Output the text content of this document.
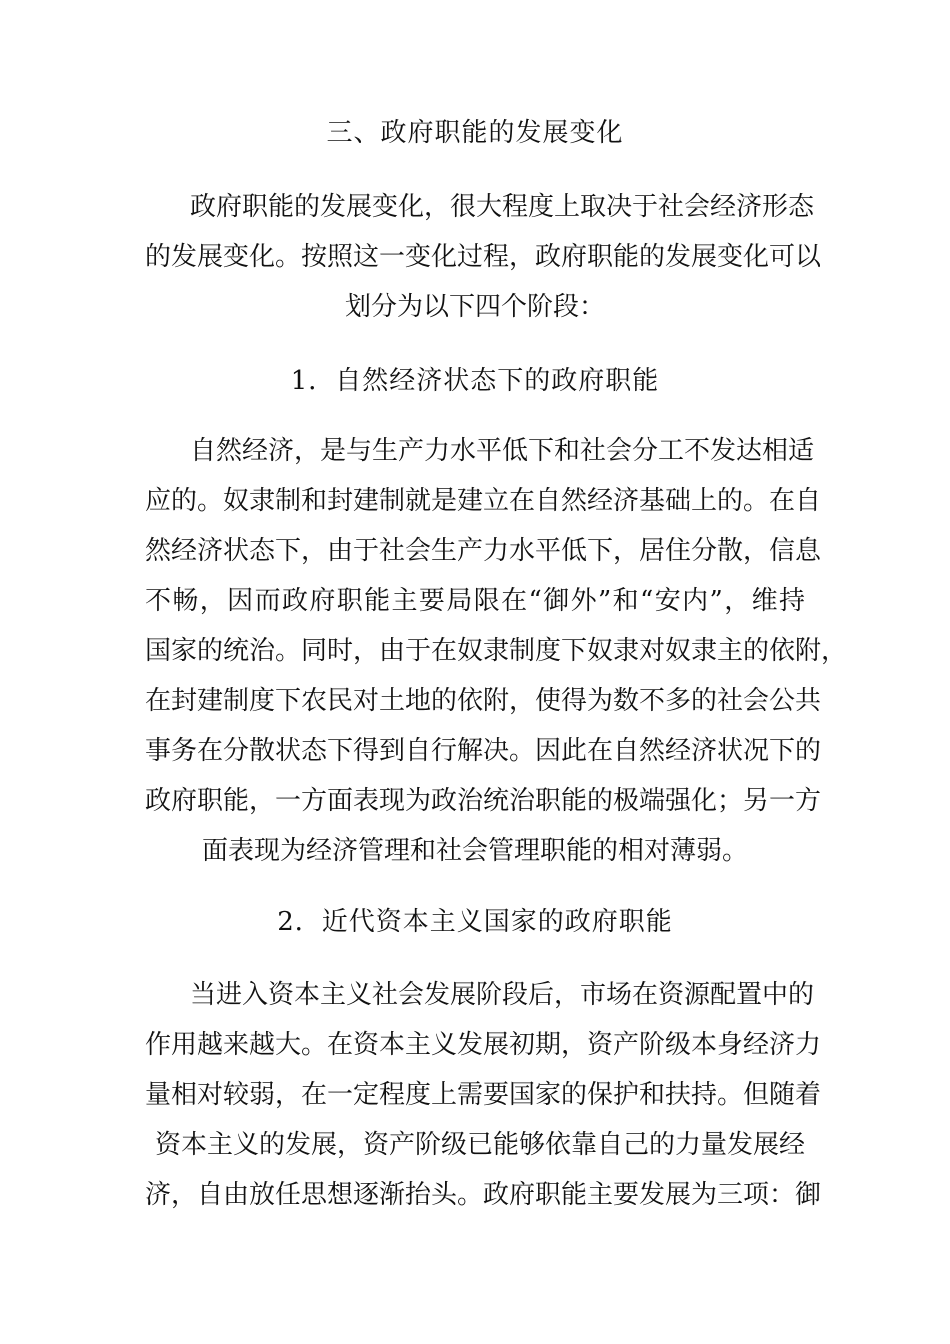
三、政府职能的发展变化
政府职能的发展变化，很大程度上取决于社会经济形态
的发展变化。按照这一变化过程，政府职能的发展变化可以
划分为以下四个阶段：
1．自然经济状态下的政府职能
自然经济，是与生产力水平低下和社会分工不发达相适
应的。奴隶制和封建制就是建立在自然经济基础上的。在自
然经济状态下，由于社会生产力水平低下，居住分散，信息
不畅，因而政府职能主要局限在“御外”和“安内”，维持
国家的统治。同时，由于在奴隶制度下奴隶对奴隶主的依附，
在封建制度下农民对土地的依附，使得为数不多的社会公共
事务在分散状态下得到自行解决。因此在自然经济状况下的
政府职能，一方面表现为政治统治职能的极端强化；另一方
面表现为经济管理和社会管理职能的相对薄弱。
2．近代资本主义国家的政府职能
当进入资本主义社会发展阶段后，市场在资源配置中的
作用越来越大。在资本主义发展初期，资产阶级本身经济力
量相对较弱，在一定程度上需要国家的保护和扶持。但随着
资本主义的发展，资产阶级已能够依靠自己的力量发展经
济，自由放任思想逐渐抬头。政府职能主要发展为三项：御
